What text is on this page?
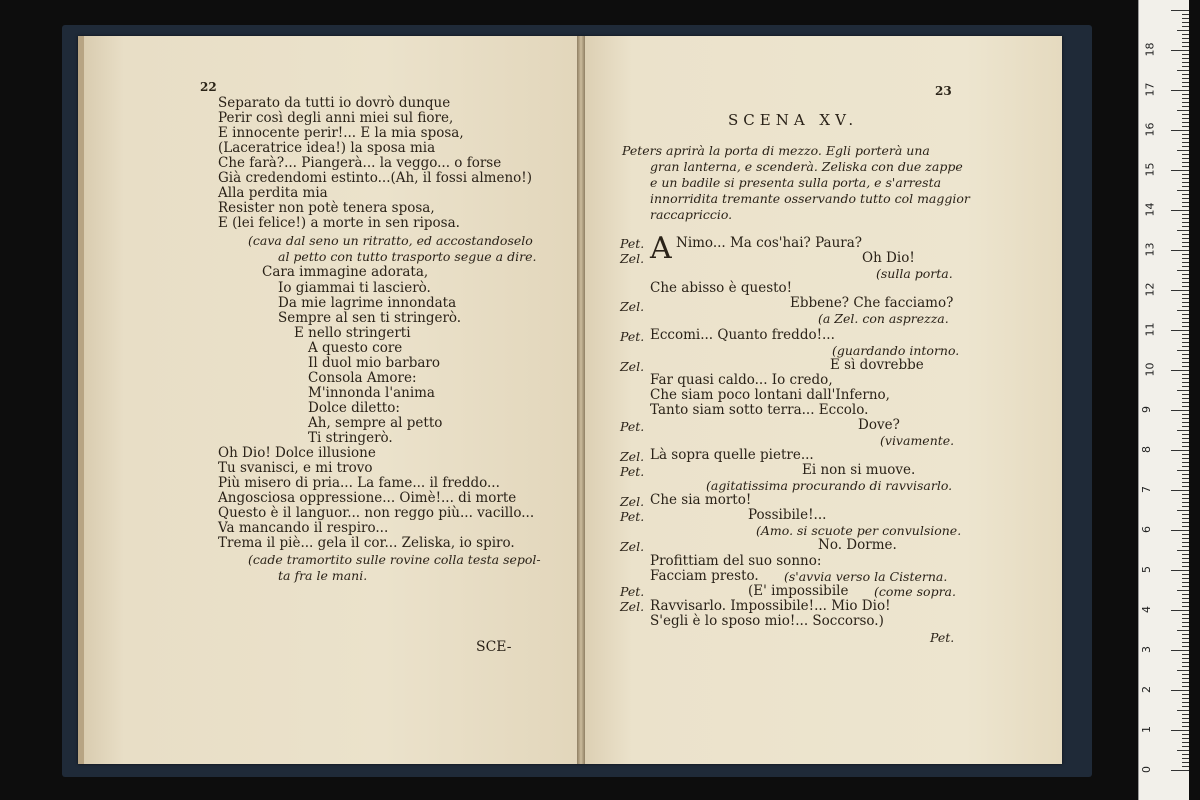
22
Separato da tutti io dovrò dunque
Perir così degli anni miei sul fiore,
E innocente perir!... E la mia sposa,
(Laceratrice idea!) la sposa mia
Che farà?... Piangerà... la veggo... o forse
Già credendomi estinto...(Ah, il fossi almeno!)
Alla perdita mia
Resister non potè tenera sposa,
E (lei felice!) a morte in sen riposa.
(cava dal seno un ritratto, ed accostandoselo
al petto con tutto trasporto segue a dire.
Cara immagine adorata,
Io giammai ti lascierò.
Da mie lagrime innondata
Sempre al sen ti stringerò.
E nello stringerti
A questo core
Il duol mio barbaro
Consola Amore:
M'innonda l'anima
Dolce diletto:
Ah, sempre al petto
Ti stringerò.
Oh Dio! Dolce illusione
Tu svanisci, e mi trovo
Più misero di pria... La fame... il freddo...
Angosciosa oppressione... Oimè!... di morte
Questo è il languor... non reggo più... vacillo...
Va mancando il respiro...
Trema il piè... gela il cor... Zeliska, io spiro.
(cade tramortito sulle rovine colla testa sepol-
ta fra le mani.
SCE-
23
SCENA XV.
Peters aprirà la porta di mezzo. Egli porterà una
gran lanterna, e scenderà. Zeliska con due zappe
e un badile si presenta sulla porta, e s'arresta
innorridita tremante osservando tutto col maggior
raccapriccio.
A
Pet.
Zel.
Zel.
Pet.
Zel.
Pet.
Zel.
Pet.
Zel.
Pet.
Zel.
Pet.
Zel.
Nimo... Ma cos'hai? Paura?
Oh Dio!
(sulla porta.
Che abisso è questo!
Ebbene? Che facciamo?
(a Zel. con asprezza.
Eccomi... Quanto freddo!...
(guardando intorno.
E sì dovrebbe
Far quasi caldo... Io credo,
Che siam poco lontani dall'Inferno,
Tanto siam sotto terra... Eccolo.
Dove?
(vivamente.
Là sopra quelle pietre...
Ei non si muove.
(agitatissima procurando di ravvisarlo.
Che sia morto!
Possibile!...
(Amo. si scuote per convulsione.
No. Dorme.
Profittiam del suo sonno:
Facciam presto. (s'avvia verso la Cisterna.
(E' impossibile (come sopra.
Ravvisarlo. Impossibile!... Mio Dio!
S'egli è lo sposo mio!... Soccorso.)
Pet.
0
1
2
3
4
5
6
7
8
9
10
11
12
13
14
15
16
17
18
